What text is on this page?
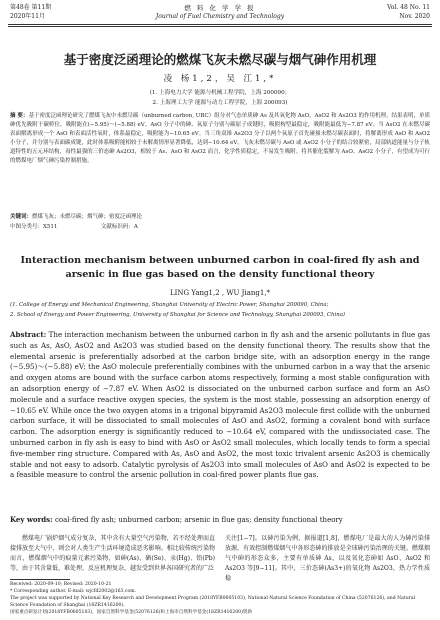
·
第48卷 第11期
2020年11月
燃 料 化 学 学 报
Journal of Fuel Chemistry and Technology
Vol. 48 No. 11
Nov. 2020
基于密度泛函理论的燃煤飞灰未燃尽碳与烟气砷作用机理
凌 杨1,2，吴 江1,*
(1. 上海电力大学 能源与机械工程学院，上海 200090；
2. 上海理工大学 能源与动力工程学院，上海 200093)
摘 要：基于密度泛函理论研究了燃煤飞灰中未燃尽碳（unburned carbon, UBC）组分对气态单质砷 As 及其氧化物 AsO、AsO2 和 As2O3 的作用机理。结果表明，单质砷优先吸附于碳桥位，吸附能在(−5.95)～(−5.88) eV。AsO 分子中的砷、氧原子分别与碳原子成键时，吸附构型最稳定，吸附能最低为−7.87 eV。当 AsO2 在未燃尽碳表面解离形成一个 AsO 和表面活性氧时，体系最稳定，吸附能为−10.65 eV。当三角双锥 As2O3 分子以两个氧原子首先碰撞未燃尽碳表面时，将解离形成 AsO 和 AsO2 小分子，并分别与表面碳成键，此时体系吸附能相较于未解离情形显著降低，达到−10.64 eV。飞灰未燃尽碳与 AsO 或 AsO2 小分子的结合较紧密，局部轨道能量与分子轨道特性的五元环结构，毒性最强的三价态砷 As2O3，相较于 As、AsO 和 AsO2 而言，化学性质稳定，不易发生吸附。将其催化裂解为 AsO、AsO2 小分子，有望成为可行的燃煤电厂烟气砷污染控制措施。
关键词：燃煤飞灰；未燃尽碳；烟气砷；密度泛函理论
中图分类号：X511	文献标识码：A
Interaction mechanism between unburned carbon in coal-fired fly ash and arsenic in flue gas based on the density functional theory
LING Yang1,2 , WU Jiang1,*
(1. College of Energy and Mechanical Engineering, Shanghai University of Electric Power, Shanghai 200090, China;
2. School of Energy and Power Engineering, University of Shanghai for Science and Technology, Shanghai 200093, China)
Abstract: The interaction mechanism between the unburned carbon in fly ash and the arsenic pollutants in flue gas such as As, AsO, AsO2 and As2O3 was studied based on the density functional theory. The results show that the elemental arsenic is preferentially adsorbed at the carbon bridge site, with an adsorption energy in the range (−5.95)～(−5.88) eV; the AsO molecule preferentially combines with the unburned carbon in a way that the arsenic and oxygen atoms are bound with the surface carbon atoms respectively, forming a most stable configuration with an adsorption energy of −7.87 eV. When AsO2 is dissociated on the unburned carbon surface and form an AsO molecule and a surface reactive oxygen species, the system is the most stable, possessing an adsorption energy of −10.65 eV. While once the two oxygen atoms in a trigonal bipyramid As2O3 molecule first collide with the unburned carbon surface, it will be dissociated to small molecules of AsO and AsO2, forming a covalent bond with surface carbon. The adsorption energy is significantly reduced to −10.64 eV, compared with the undissociated case. The unburned carbon in fly ash is easy to bind with AsO or AsO2 small molecules, which locally tends to form a special five-member ring structure. Compared with As, AsO and AsO2, the most toxic trivalent arsenic As2O3 is chemically stable and not easy to adsorb. Catalytic pyrolysis of As2O3 into small molecules of AsO and AsO2 is expected to be a feasible measure to control the arsenic pollution in coal-fired power plants flue gas.
Key words: coal-fired fly ash; unburned carbon; arsenic in flue gas; density functional theory
燃煤电厂锅炉烟气成分复杂，其中含有大量空气污染物，若不经处理而直接排放至大气中，则会对人类生产生活环境造成恶劣影响。相比较传统污染物而言，燃煤烟气中的痕量元素污染物，如砷(As)、硒(Se)、汞(Hg)、铅(Pb)等，由于其含量低、难处理、反应机理复杂，越发受到世界各国研究者的广泛
关注[1−7]。以砷污染为例，据报道[1,8]，燃煤电厂是最大的人为砷污染排放源，有效控制燃煤烟气中各形态砷的排放是全球砷污染治理的关键。燃煤烟气中砷的形态众多，主要有单质砷 As，以及氧化态砷如 AsO、AsO2 和 As2O3 等[9−11]。其中，三价态砷(As3+)的氧化物 As2O3，热力学性质稳
Received: 2020-09-10; Revised: 2020-10-21
* Corresponding author. E-mail: wjcfd2002@163.com.
The project was supported by National Key Research and Development Program (2018YFB0605103), National Natural Science Foundation of China (52076126), and Natural Science Foundation of Shanghai (18ZR1416200).
国家重点研发计划(2018YFB0605103)，国家自然科学基金(52076126)和上海市自然科学基金(18ZR1416200)资助
